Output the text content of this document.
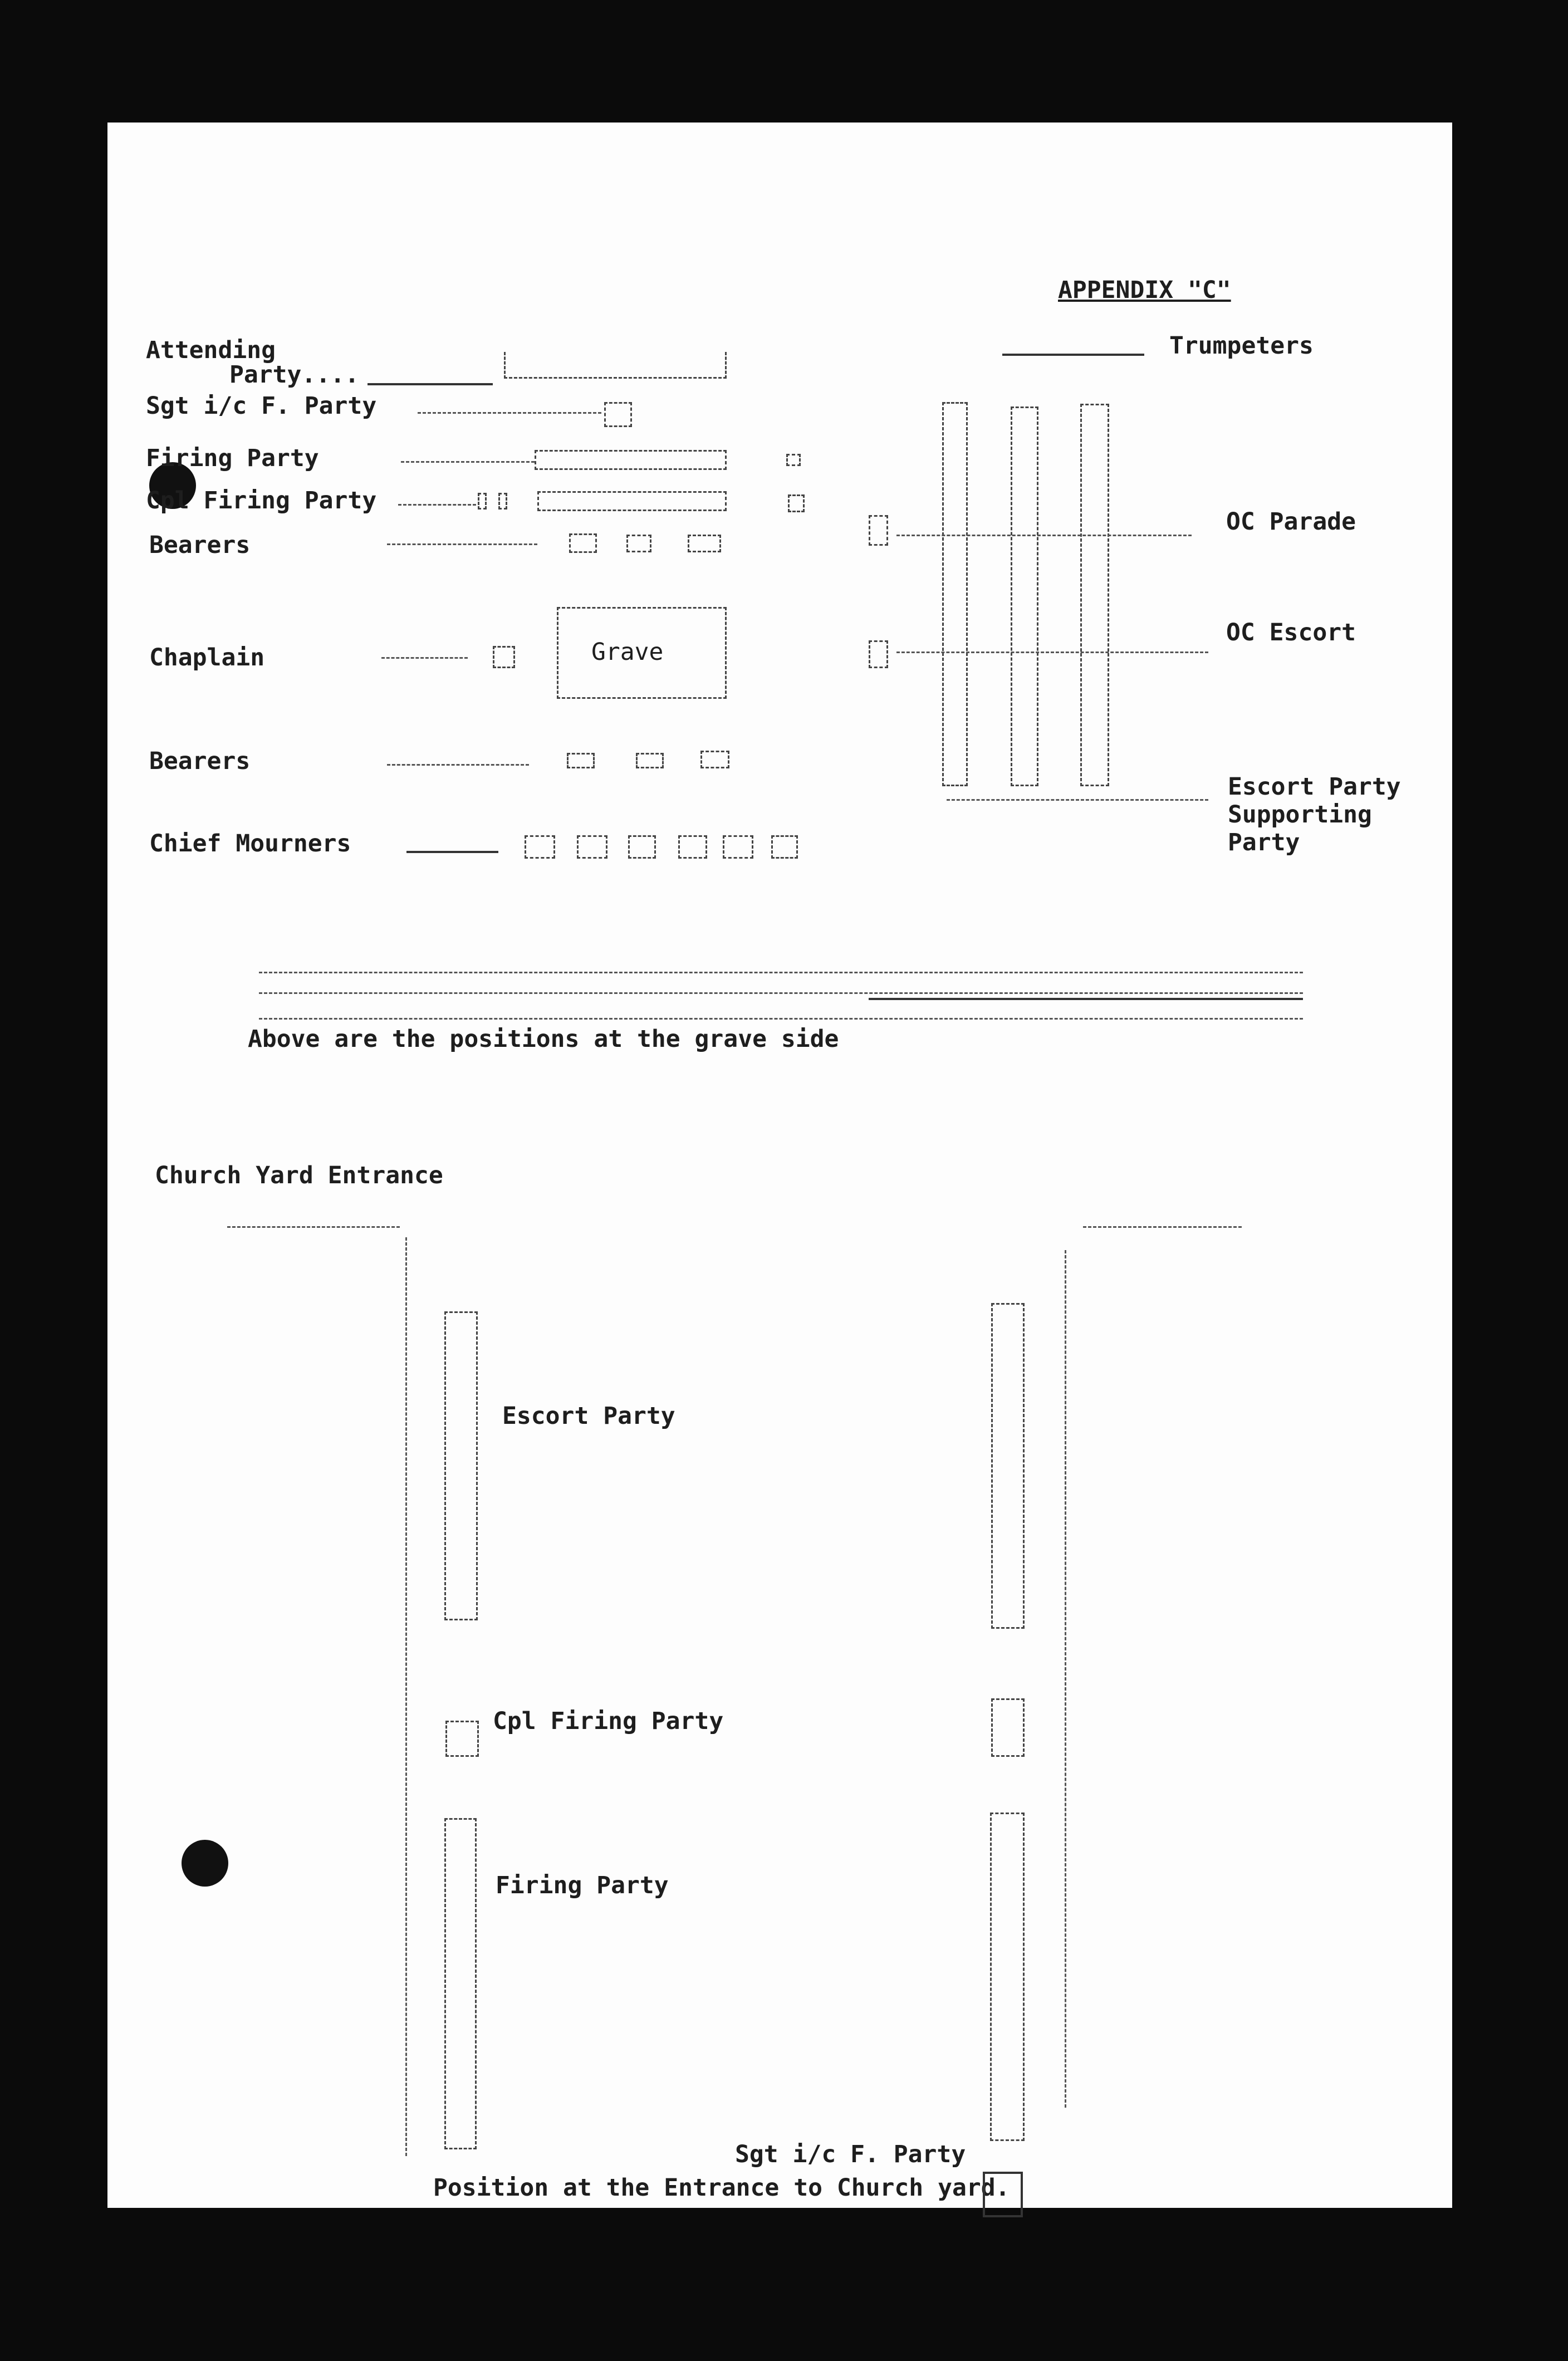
APPENDIX "C"
Attending
Party....
Sgt i/c F. Party
Firing Party
Cpl Firing Party
Bearers
Chaplain	Grave
Bearers
Chief Mourners
Trumpeters
OC Parade
OC Escort
Escort Party
Supporting
Party
Above are the positions at the grave side
Church Yard Entrance
Escort Party
Cpl Firing Party
Firing Party
Sgt i/c F. Party
Position at the Entrance to Church yard.
